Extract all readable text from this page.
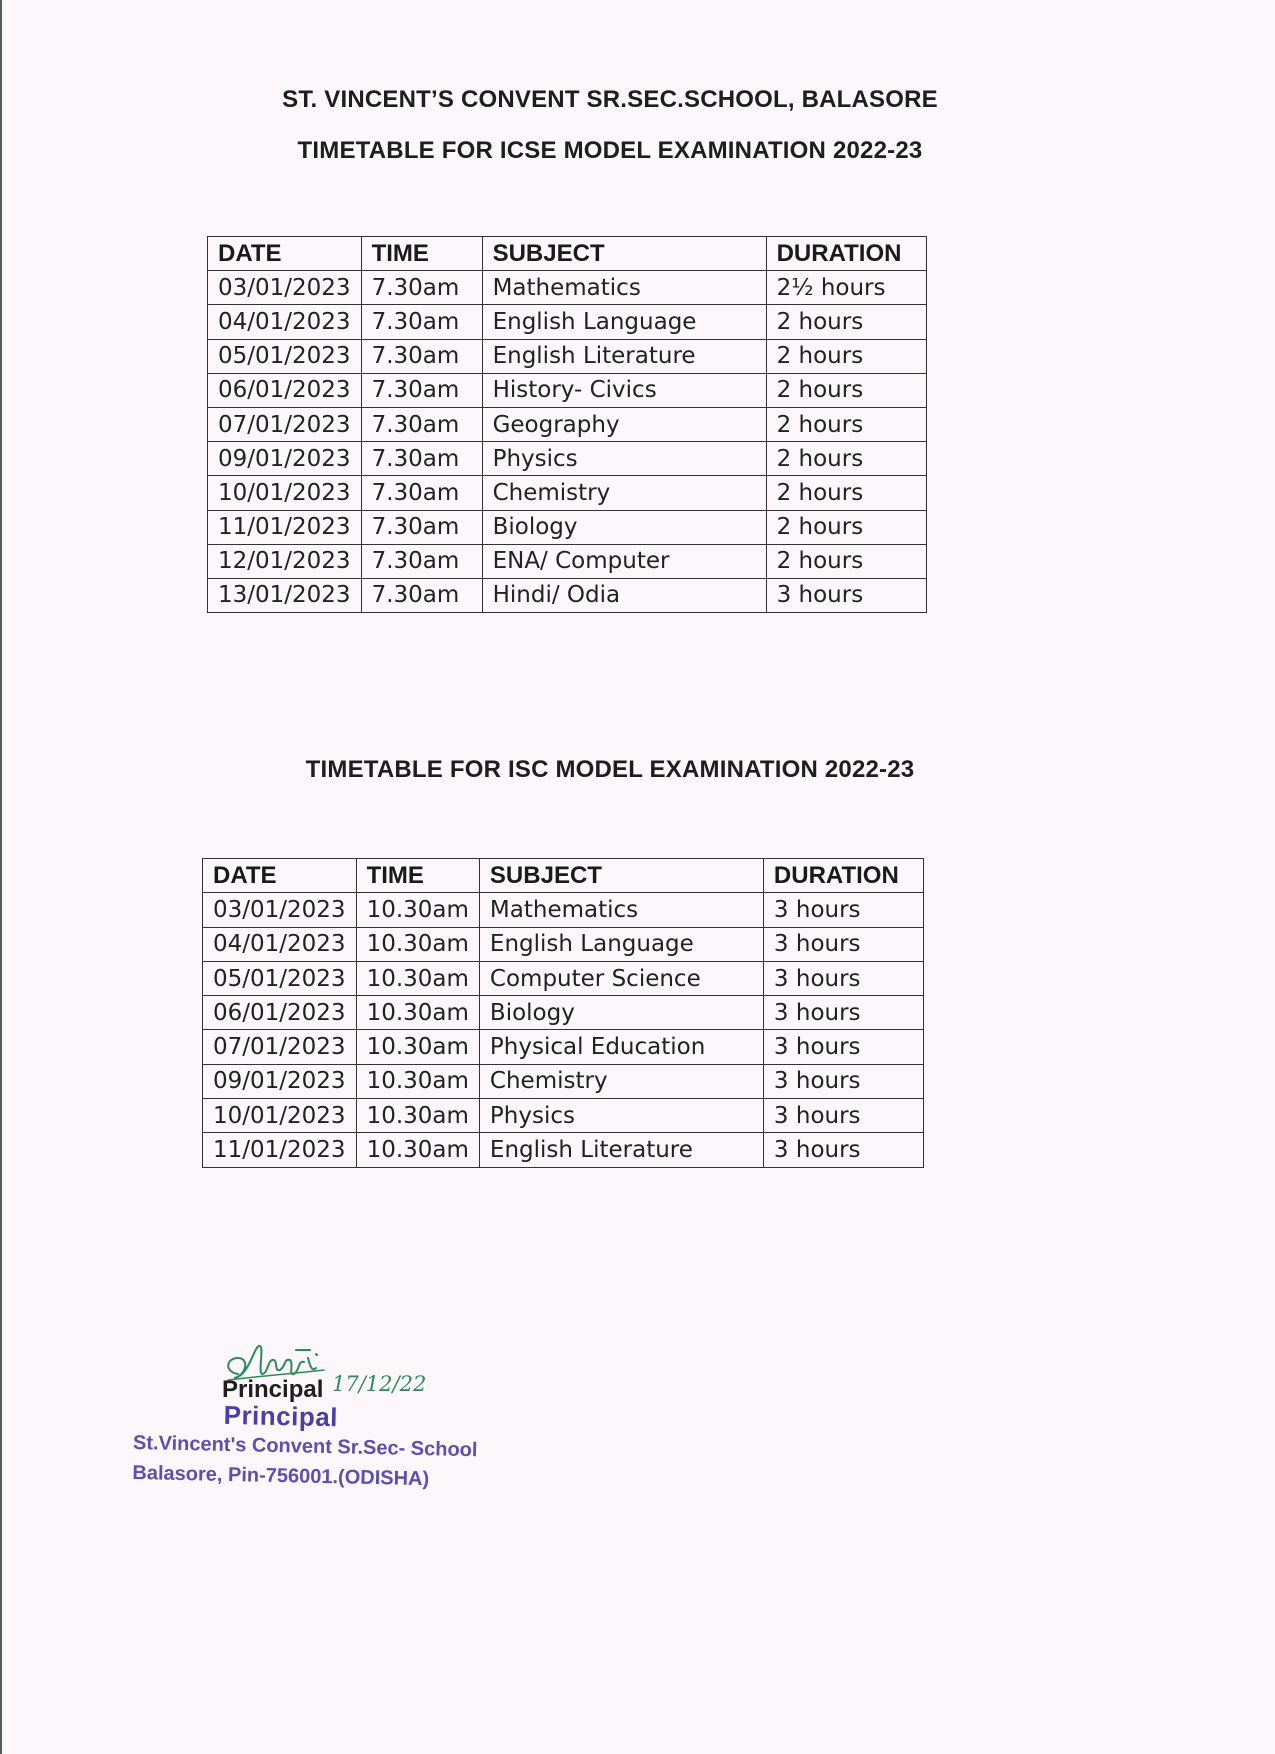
ST. VINCENT’S CONVENT SR.SEC.SCHOOL, BALASORE
TIMETABLE FOR ICSE MODEL EXAMINATION 2022-23
DATE	TIME	SUBJECT	DURATION
03/01/2023	7.30am	Mathematics	2½ hours
04/01/2023	7.30am	English Language	2 hours
05/01/2023	7.30am	English Literature	2 hours
06/01/2023	7.30am	History- Civics	2 hours
07/01/2023	7.30am	Geography	2 hours
09/01/2023	7.30am	Physics	2 hours
10/01/2023	7.30am	Chemistry	2 hours
11/01/2023	7.30am	Biology	2 hours
12/01/2023	7.30am	ENA/ Computer	2 hours
13/01/2023	7.30am	Hindi/ Odia	3 hours
TIMETABLE FOR ISC MODEL EXAMINATION 2022-23
DATE	TIME	SUBJECT	DURATION
03/01/2023	10.30am	Mathematics	3 hours
04/01/2023	10.30am	English Language	3 hours
05/01/2023	10.30am	Computer Science	3 hours
06/01/2023	10.30am	Biology	3 hours
07/01/2023	10.30am	Physical Education	3 hours
09/01/2023	10.30am	Chemistry	3 hours
10/01/2023	10.30am	Physics	3 hours
11/01/2023	10.30am	English Literature	3 hours
17/12/22
Principal
Principal
St.Vincent's Convent Sr.Sec- School
Balasore, Pin-756001.(ODISHA)
